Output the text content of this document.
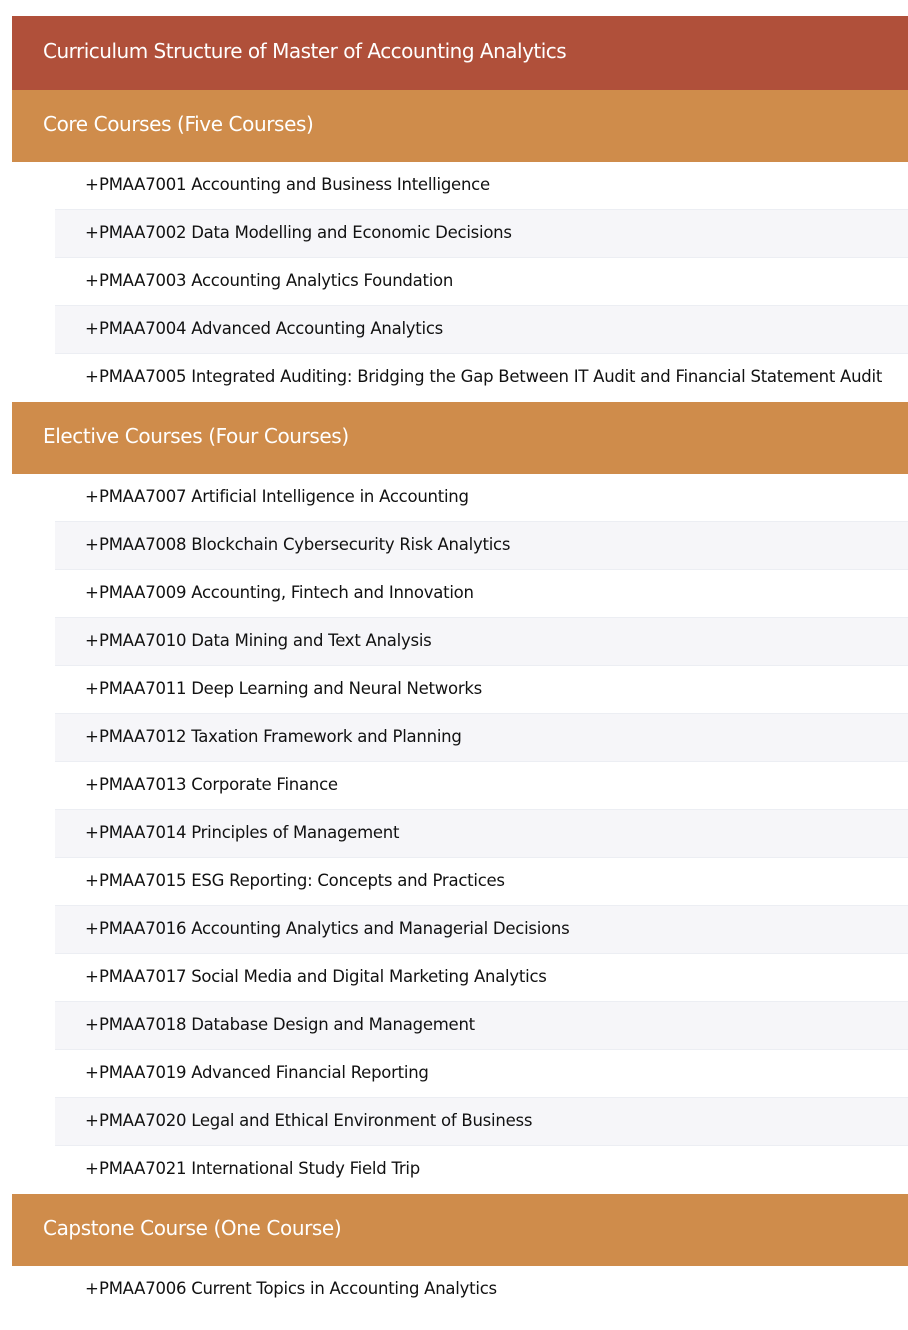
Curriculum Structure of Master of Accounting Analytics
Core Courses (Five Courses)
+PMAA7001 Accounting and Business Intelligence
+PMAA7002 Data Modelling and Economic Decisions
+PMAA7003 Accounting Analytics Foundation
+PMAA7004 Advanced Accounting Analytics
+PMAA7005 Integrated Auditing: Bridging the Gap Between IT Audit and Financial Statement Audit
Elective Courses (Four Courses)
+PMAA7007 Artificial Intelligence in Accounting
+PMAA7008 Blockchain Cybersecurity Risk Analytics
+PMAA7009 Accounting, Fintech and Innovation
+PMAA7010 Data Mining and Text Analysis
+PMAA7011 Deep Learning and Neural Networks
+PMAA7012 Taxation Framework and Planning
+PMAA7013 Corporate Finance
+PMAA7014 Principles of Management
+PMAA7015 ESG Reporting: Concepts and Practices
+PMAA7016 Accounting Analytics and Managerial Decisions
+PMAA7017 Social Media and Digital Marketing Analytics
+PMAA7018 Database Design and Management
+PMAA7019 Advanced Financial Reporting
+PMAA7020 Legal and Ethical Environment of Business
+PMAA7021 International Study Field Trip
Capstone Course (One Course)
+PMAA7006 Current Topics in Accounting Analytics
